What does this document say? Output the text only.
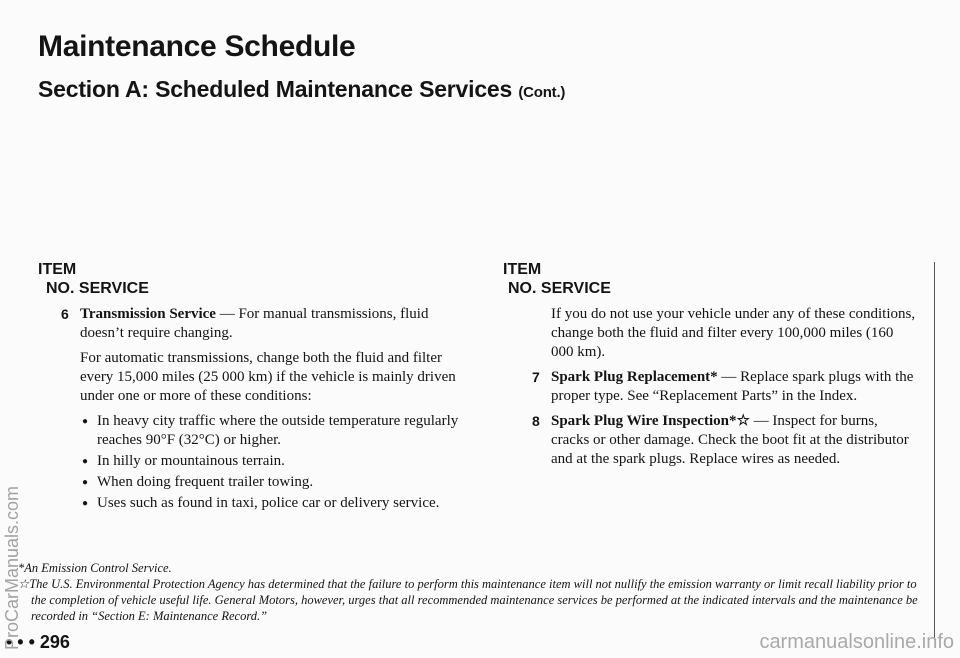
Maintenance Schedule
Section A: Scheduled Maintenance Services (Cont.)
ITEM
NO. SERVICE
ITEM
NO. SERVICE
6 Transmission Service — For manual transmissions, fluid doesn’t require changing.

For automatic transmissions, change both the fluid and filter every 15,000 miles (25 000 km) if the vehicle is mainly driven under one or more of these conditions:

● In heavy city traffic where the outside temperature regularly reaches 90°F (32°C) or higher.
● In hilly or mountainous terrain.
● When doing frequent trailer towing.
● Uses such as found in taxi, police car or delivery service.

If you do not use your vehicle under any of these conditions, change both the fluid and filter every 100,000 miles (160 000 km).

7 Spark Plug Replacement* — Replace spark plugs with the proper type. See “Replacement Parts” in the Index.

8 Spark Plug Wire Inspection*☆ — Inspect for burns, cracks or other damage. Check the boot fit at the distributor and at the spark plugs. Replace wires as needed.

*An Emission Control Service.

☆The U.S. Environmental Protection Agency has determined that the failure to perform this maintenance item will not nullify the emission warranty or limit recall liability prior to the completion of vehicle useful life. General Motors, however, urges that all recommended maintenance services be performed at the indicated intervals and the maintenance be recorded in “Section E: Maintenance Record.”

• • • 296
ProCarManuals.com	carmanualsonline.info
